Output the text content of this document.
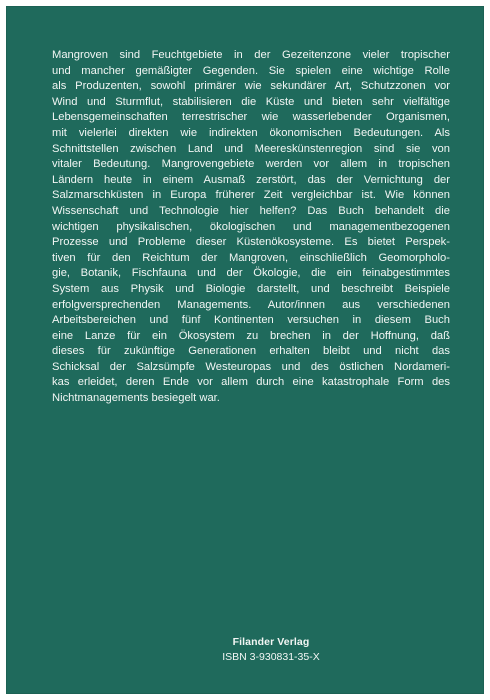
Mangroven sind Feuchtgebiete in der Gezeitenzone vieler tropischer
und mancher gemäßigter Gegenden. Sie spielen eine wichtige Rolle
als Produzenten, sowohl primärer wie sekundärer Art, Schutzzonen vor
Wind und Sturmflut, stabilisieren die Küste und bieten sehr vielfältige
Lebensgemeinschaften terrestrischer wie wasserlebender Organismen,
mit vielerlei direkten wie indirekten ökonomischen Bedeutungen. Als
Schnittstellen zwischen Land und Meereskünstenregion sind sie von
vitaler Bedeutung. Mangrovengebiete werden vor allem in tropischen
Ländern heute in einem Ausmaß zerstört, das der Vernichtung der
Salzmarschküsten in Europa früherer Zeit vergleichbar ist. Wie können
Wissenschaft und Technologie hier helfen? Das Buch behandelt die
wichtigen physikalischen, ökologischen und managementbezogenen
Prozesse und Probleme dieser Küstenökosysteme. Es bietet Perspek-
tiven für den Reichtum der Mangroven, einschließlich Geomorpholo-
gie, Botanik, Fischfauna und der Ökologie, die ein feinabgestimmtes
System aus Physik und Biologie darstellt, und beschreibt Beispiele
erfolgversprechenden Managements. Autor/innen aus verschiedenen
Arbeitsbereichen und fünf Kontinenten versuchen in diesem Buch
eine Lanze für ein Ökosystem zu brechen in der Hoffnung, daß
dieses für zukünftige Generationen erhalten bleibt und nicht das
Schicksal der Salzsümpfe Westeuropas und des östlichen Nordameri-
kas erleidet, deren Ende vor allem durch eine katastrophale Form des
Nichtmanagements besiegelt war.
Filander Verlag
ISBN 3-930831-35-X
